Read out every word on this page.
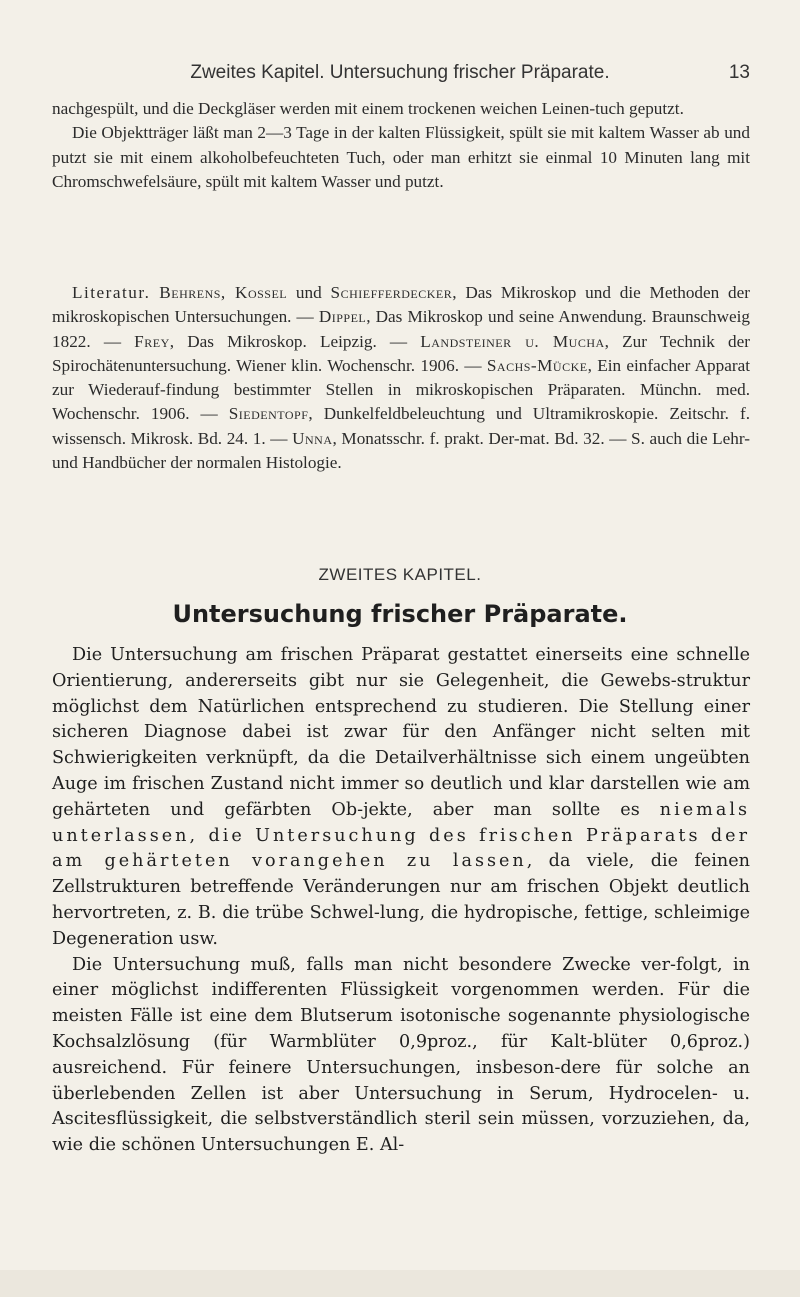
Zweites Kapitel. Untersuchung frischer Präparate.	13

nachgespült, und die Deckgläser werden mit einem trockenen weichen Leinen-tuch geputzt.

Die Objektträger läßt man 2—3 Tage in der kalten Flüssigkeit, spült sie mit kaltem Wasser ab und putzt sie mit einem alkoholbefeuchteten Tuch, oder man erhitzt sie einmal 10 Minuten lang mit Chromschwefelsäure, spült mit kaltem Wasser und putzt.

Literatur. Behrens, Kossel und Schiefferdecker, Das Mikroskop und die Methoden der mikroskopischen Untersuchungen. — Dippel, Das Mikroskop und seine Anwendung. Braunschweig 1822. — Frey, Das Mikroskop. Leipzig. — Landsteiner u. Mucha, Zur Technik der Spirochätenuntersuchung. Wiener klin. Wochenschr. 1906. — Sachs-Mücke, Ein einfacher Apparat zur Wiederauf-findung bestimmter Stellen in mikroskopischen Präparaten. Münchn. med. Wochenschr. 1906. — Siedentopf, Dunkelfeldbeleuchtung und Ultramikroskopie. Zeitschr. f. wissensch. Mikrosk. Bd. 24. 1. — Unna, Monatsschr. f. prakt. Der-mat. Bd. 32. — S. auch die Lehr- und Handbücher der normalen Histologie.

ZWEITES KAPITEL.
Untersuchung frischer Präparate.

Die Untersuchung am frischen Präparat gestattet einerseits eine schnelle Orientierung, andererseits gibt nur sie Gelegenheit, die Gewebs-struktur möglichst dem Natürlichen entsprechend zu studieren. Die Stellung einer sicheren Diagnose dabei ist zwar für den Anfänger nicht selten mit Schwierigkeiten verknüpft, da die Detailverhältnisse sich einem ungeübten Auge im frischen Zustand nicht immer so deutlich und klar darstellen wie am gehärteten und gefärbten Ob-jekte, aber man sollte es niemals unterlassen, die Untersuchung des frischen Präparats der am gehärteten vorangehen zu lassen, da viele, die feinen Zellstrukturen betreffende Veränderungen nur am frischen Objekt deutlich hervortreten, z. B. die trübe Schwel-lung, die hydropische, fettige, schleimige Degeneration usw.

Die Untersuchung muß, falls man nicht besondere Zwecke ver-folgt, in einer möglichst indifferenten Flüssigkeit vorgenommen werden. Für die meisten Fälle ist eine dem Blutserum isotonische sogenannte physiologische Kochsalzlösung (für Warmblüter 0,9proz., für Kalt-blüter 0,6proz.) ausreichend. Für feinere Untersuchungen, insbeson-dere für solche an überlebenden Zellen ist aber Untersuchung in Serum, Hydrocelen- u. Ascitesflüssigkeit, die selbstverständlich steril sein müssen, vorzuziehen, da, wie die schönen Untersuchungen E. Al-
